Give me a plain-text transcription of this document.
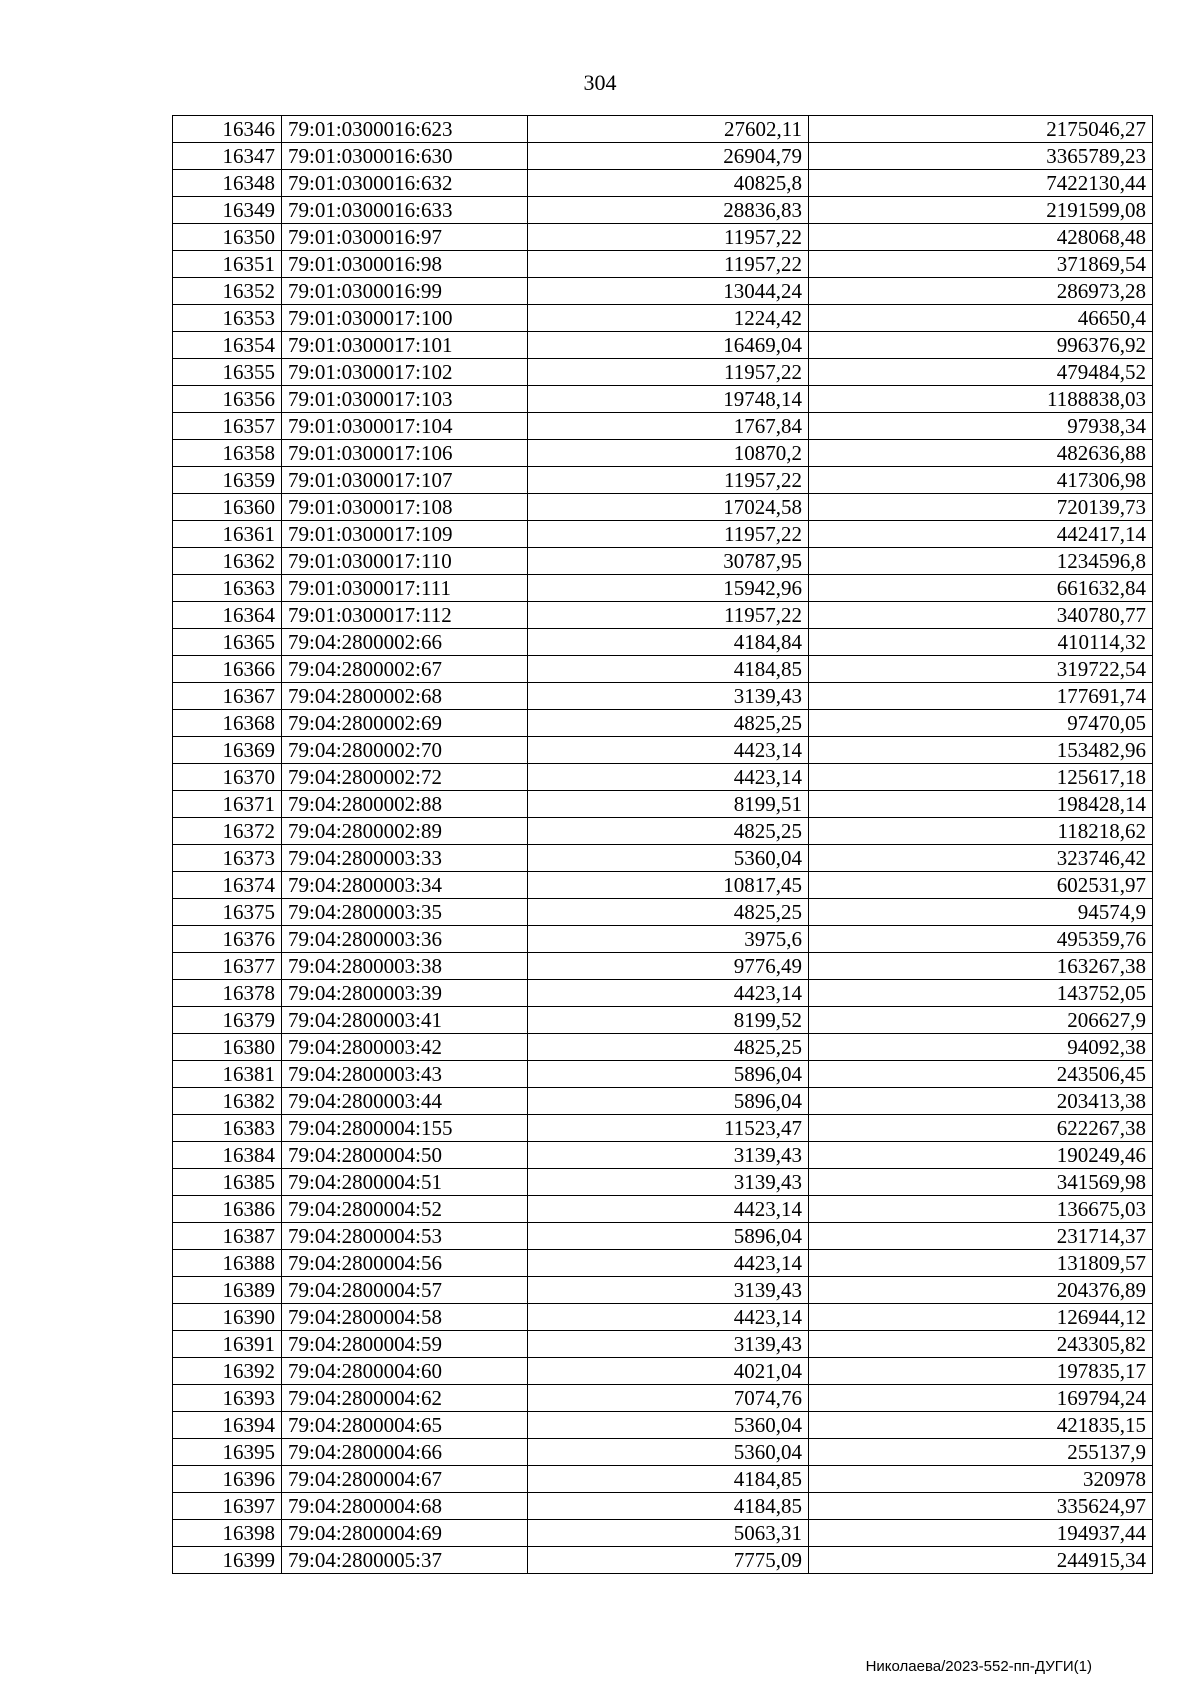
304
16346	79:01:0300016:623	27602,11	2175046,27
16347	79:01:0300016:630	26904,79	3365789,23
16348	79:01:0300016:632	40825,8	7422130,44
16349	79:01:0300016:633	28836,83	2191599,08
16350	79:01:0300016:97	11957,22	428068,48
16351	79:01:0300016:98	11957,22	371869,54
16352	79:01:0300016:99	13044,24	286973,28
16353	79:01:0300017:100	1224,42	46650,4
16354	79:01:0300017:101	16469,04	996376,92
16355	79:01:0300017:102	11957,22	479484,52
16356	79:01:0300017:103	19748,14	1188838,03
16357	79:01:0300017:104	1767,84	97938,34
16358	79:01:0300017:106	10870,2	482636,88
16359	79:01:0300017:107	11957,22	417306,98
16360	79:01:0300017:108	17024,58	720139,73
16361	79:01:0300017:109	11957,22	442417,14
16362	79:01:0300017:110	30787,95	1234596,8
16363	79:01:0300017:111	15942,96	661632,84
16364	79:01:0300017:112	11957,22	340780,77
16365	79:04:2800002:66	4184,84	410114,32
16366	79:04:2800002:67	4184,85	319722,54
16367	79:04:2800002:68	3139,43	177691,74
16368	79:04:2800002:69	4825,25	97470,05
16369	79:04:2800002:70	4423,14	153482,96
16370	79:04:2800002:72	4423,14	125617,18
16371	79:04:2800002:88	8199,51	198428,14
16372	79:04:2800002:89	4825,25	118218,62
16373	79:04:2800003:33	5360,04	323746,42
16374	79:04:2800003:34	10817,45	602531,97
16375	79:04:2800003:35	4825,25	94574,9
16376	79:04:2800003:36	3975,6	495359,76
16377	79:04:2800003:38	9776,49	163267,38
16378	79:04:2800003:39	4423,14	143752,05
16379	79:04:2800003:41	8199,52	206627,9
16380	79:04:2800003:42	4825,25	94092,38
16381	79:04:2800003:43	5896,04	243506,45
16382	79:04:2800003:44	5896,04	203413,38
16383	79:04:2800004:155	11523,47	622267,38
16384	79:04:2800004:50	3139,43	190249,46
16385	79:04:2800004:51	3139,43	341569,98
16386	79:04:2800004:52	4423,14	136675,03
16387	79:04:2800004:53	5896,04	231714,37
16388	79:04:2800004:56	4423,14	131809,57
16389	79:04:2800004:57	3139,43	204376,89
16390	79:04:2800004:58	4423,14	126944,12
16391	79:04:2800004:59	3139,43	243305,82
16392	79:04:2800004:60	4021,04	197835,17
16393	79:04:2800004:62	7074,76	169794,24
16394	79:04:2800004:65	5360,04	421835,15
16395	79:04:2800004:66	5360,04	255137,9
16396	79:04:2800004:67	4184,85	320978
16397	79:04:2800004:68	4184,85	335624,97
16398	79:04:2800004:69	5063,31	194937,44
16399	79:04:2800005:37	7775,09	244915,34
Николаева/2023-552-пп-ДУГИ(1)
